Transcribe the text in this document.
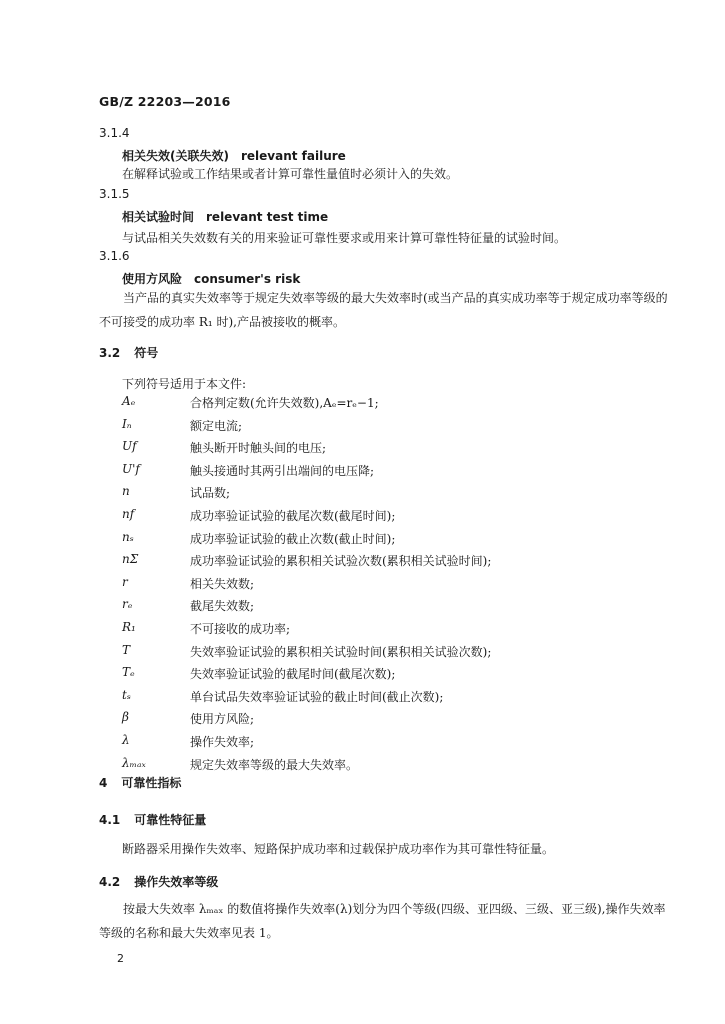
GB/Z 22203—2016
3.1.4
相关失效(关联失效) relevant failure
在解释试验或工作结果或者计算可靠性量值时必须计入的失效。
3.1.5
相关试验时间 relevant test time
与试品相关失效数有关的用来验证可靠性要求或用来计算可靠性特征量的试验时间。
3.1.6
使用方风险 consumer's risk
当产品的真实失效率等于规定失效率等级的最大失效率时(或当产品的真实成功率等于规定成功率等级的不可接受的成功率 R₁ 时),产品被接收的概率。
3.2 符号
下列符号适用于本文件:
Aₑ	合格判定数(允许失效数),Aₑ=rₑ−1;
Iₙ	额定电流;
Uf	触头断开时触头间的电压;
U'f	触头接通时其两引出端间的电压降;
n	试品数;
nf	成功率验证试验的截尾次数(截尾时间);
nₛ	成功率验证试验的截止次数(截止时间);
nΣ	成功率验证试验的累积相关试验次数(累积相关试验时间);
r	相关失效数;
rₑ	截尾失效数;
R₁	不可接收的成功率;
T	失效率验证试验的累积相关试验时间(累积相关试验次数);
Tₑ	失效率验证试验的截尾时间(截尾次数);
tₛ	单台试品失效率验证试验的截止时间(截止次数);
β	使用方风险;
λ	操作失效率;
λₘₐₓ	规定失效率等级的最大失效率。
4 可靠性指标
4.1 可靠性特征量
断路器采用操作失效率、短路保护成功率和过载保护成功率作为其可靠性特征量。
4.2 操作失效率等级
按最大失效率 λₘₐₓ 的数值将操作失效率(λ)划分为四个等级(四级、亚四级、三级、亚三级),操作失效率等级的名称和最大失效率见表 1。
2
